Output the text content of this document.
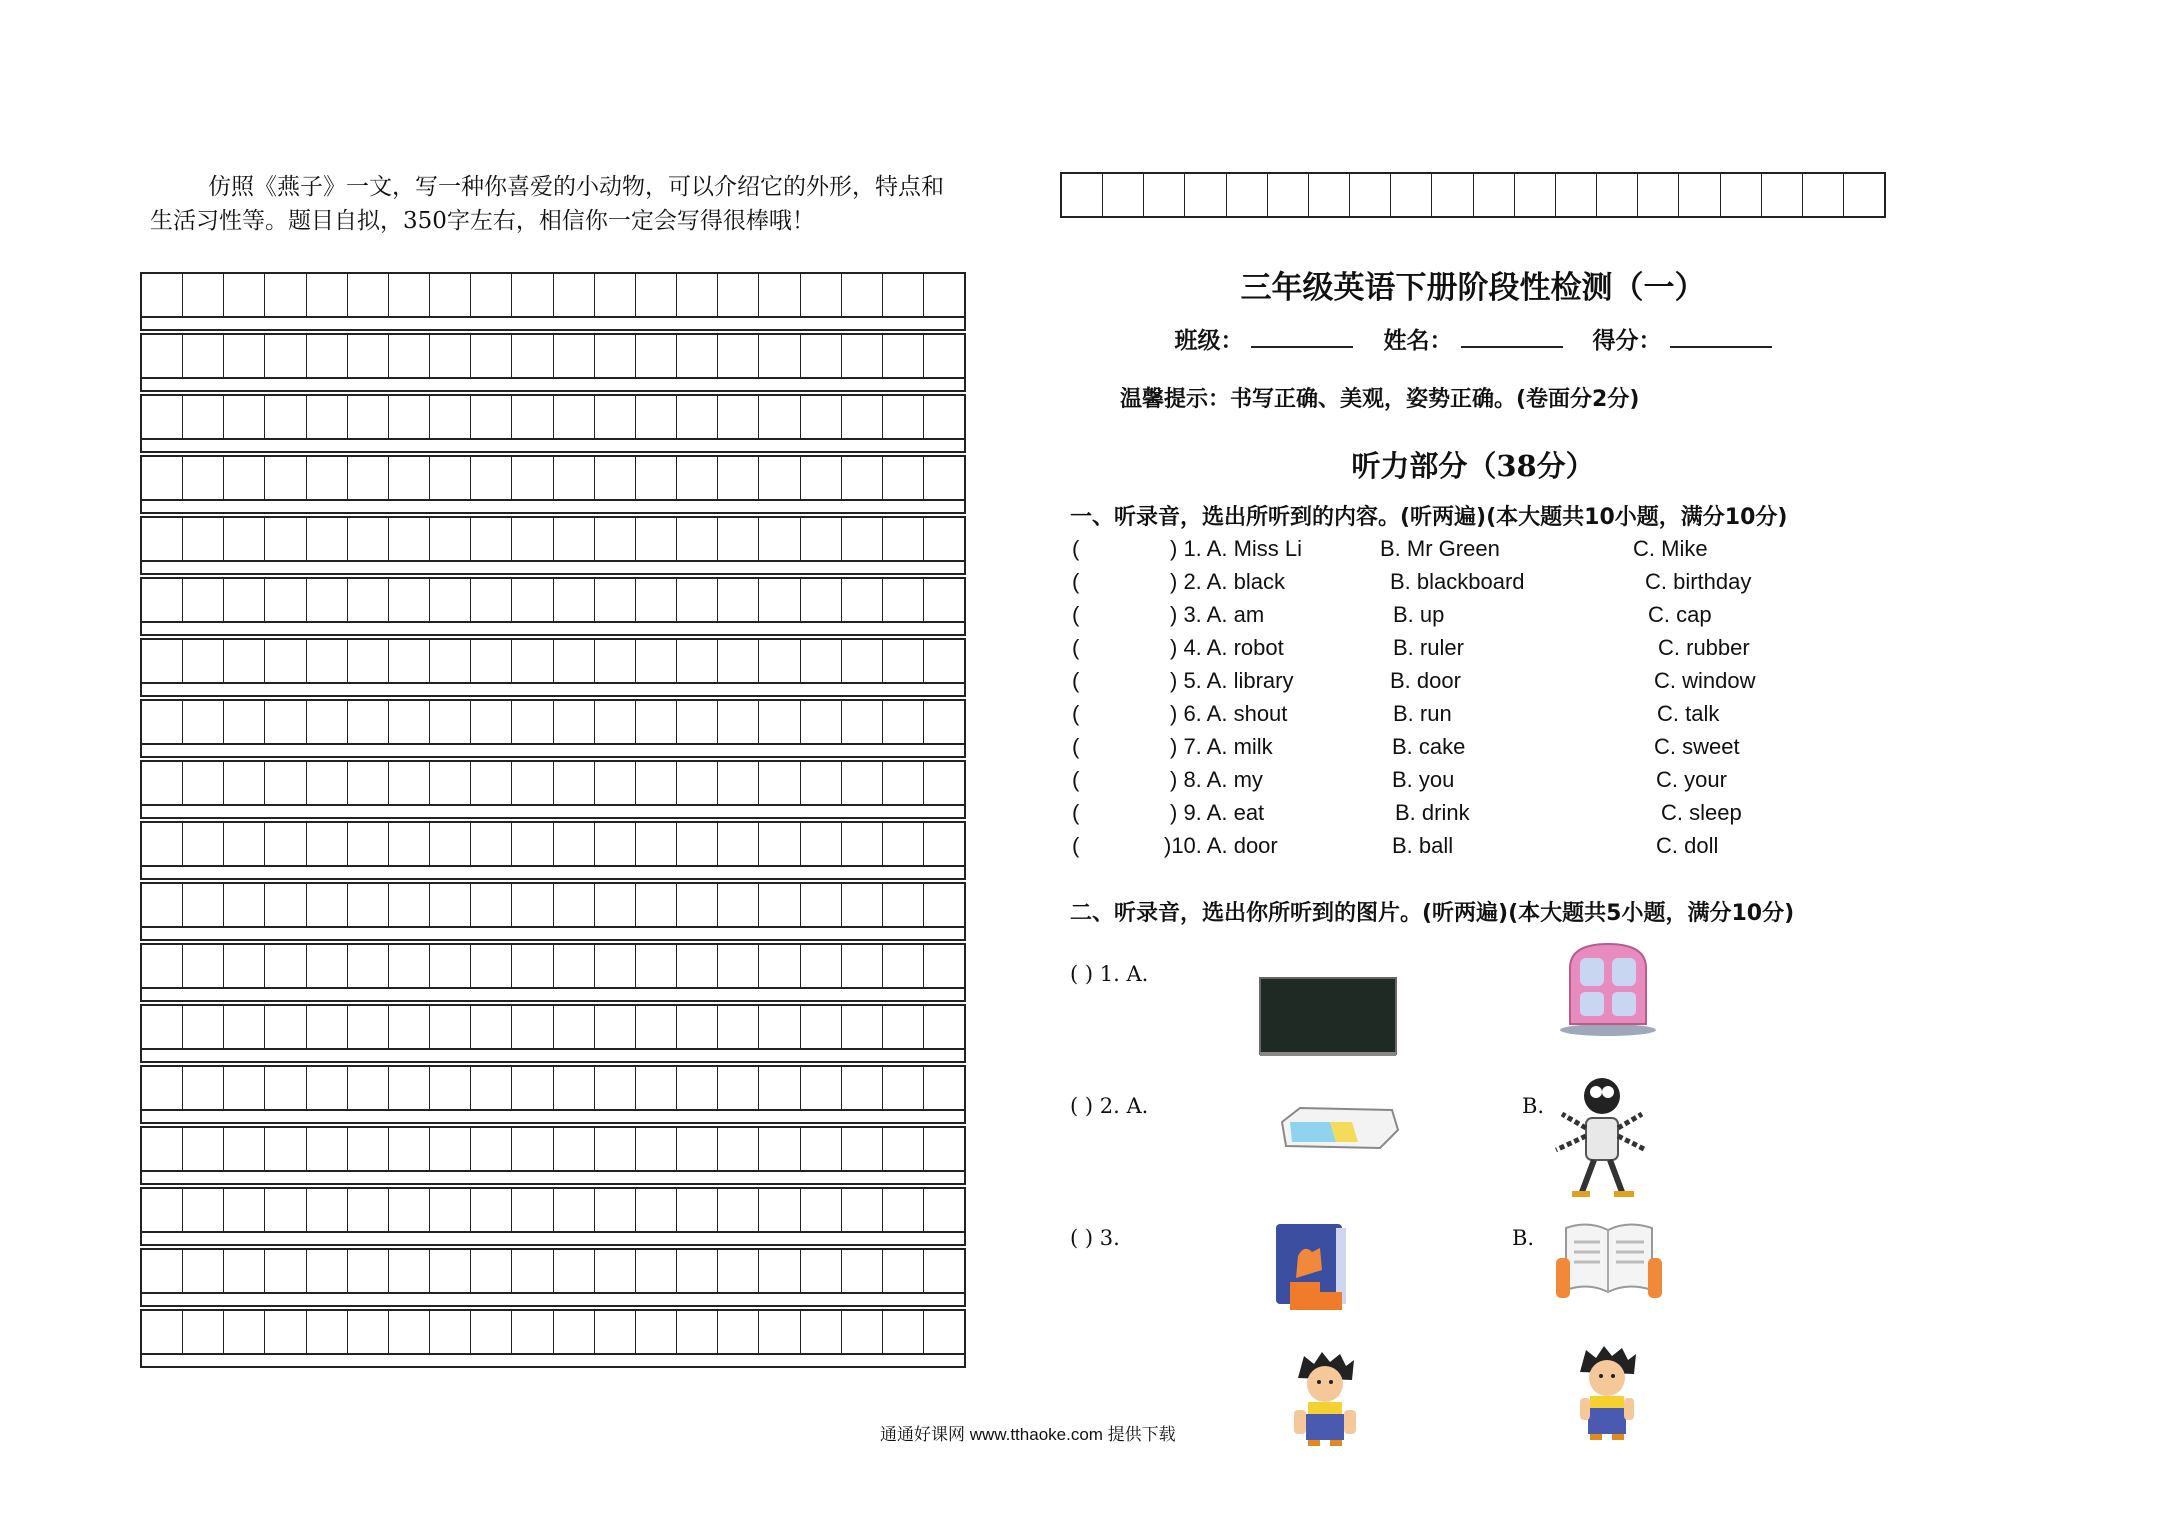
仿照《燕子》一文，写一种你喜爱的小动物，可以介绍它的外形，特点和
生活习性等。题目自拟，350字左右，相信你一定会写得很棒哦！
三年级英语下册阶段性检测（一）
班级：	姓名：	得分：
温馨提示：书写正确、美观，姿势正确。(卷面分2分)
听力部分（38分）
一、听录音，选出所听到的内容。(听两遍)(本大题共10小题，满分10分)
(	) 1. A. Miss Li	B. Mr Green	C. Mike
(	) 2. A. black	B. blackboard	C. birthday
(	) 3. A. am	B. up	C. cap
(	) 4. A. robot	B. ruler	C. rubber
(	) 5. A. library	B. door	C. window
(	) 6. A. shout	B. run	C. talk
(	) 7. A. milk	B. cake	C. sweet
(	) 8. A. my	B. you	C. your
(	) 9. A. eat	B. drink	C. sleep
(	)10. A. door	B. ball	C. doll
二、听录音，选出你所听到的图片。(听两遍)(本大题共5小题，满分10分)
( ) 1. A.
( ) 2. A.	B.
( ) 3.	B.
通通好课网 www.tthaoke.com 提供下载
